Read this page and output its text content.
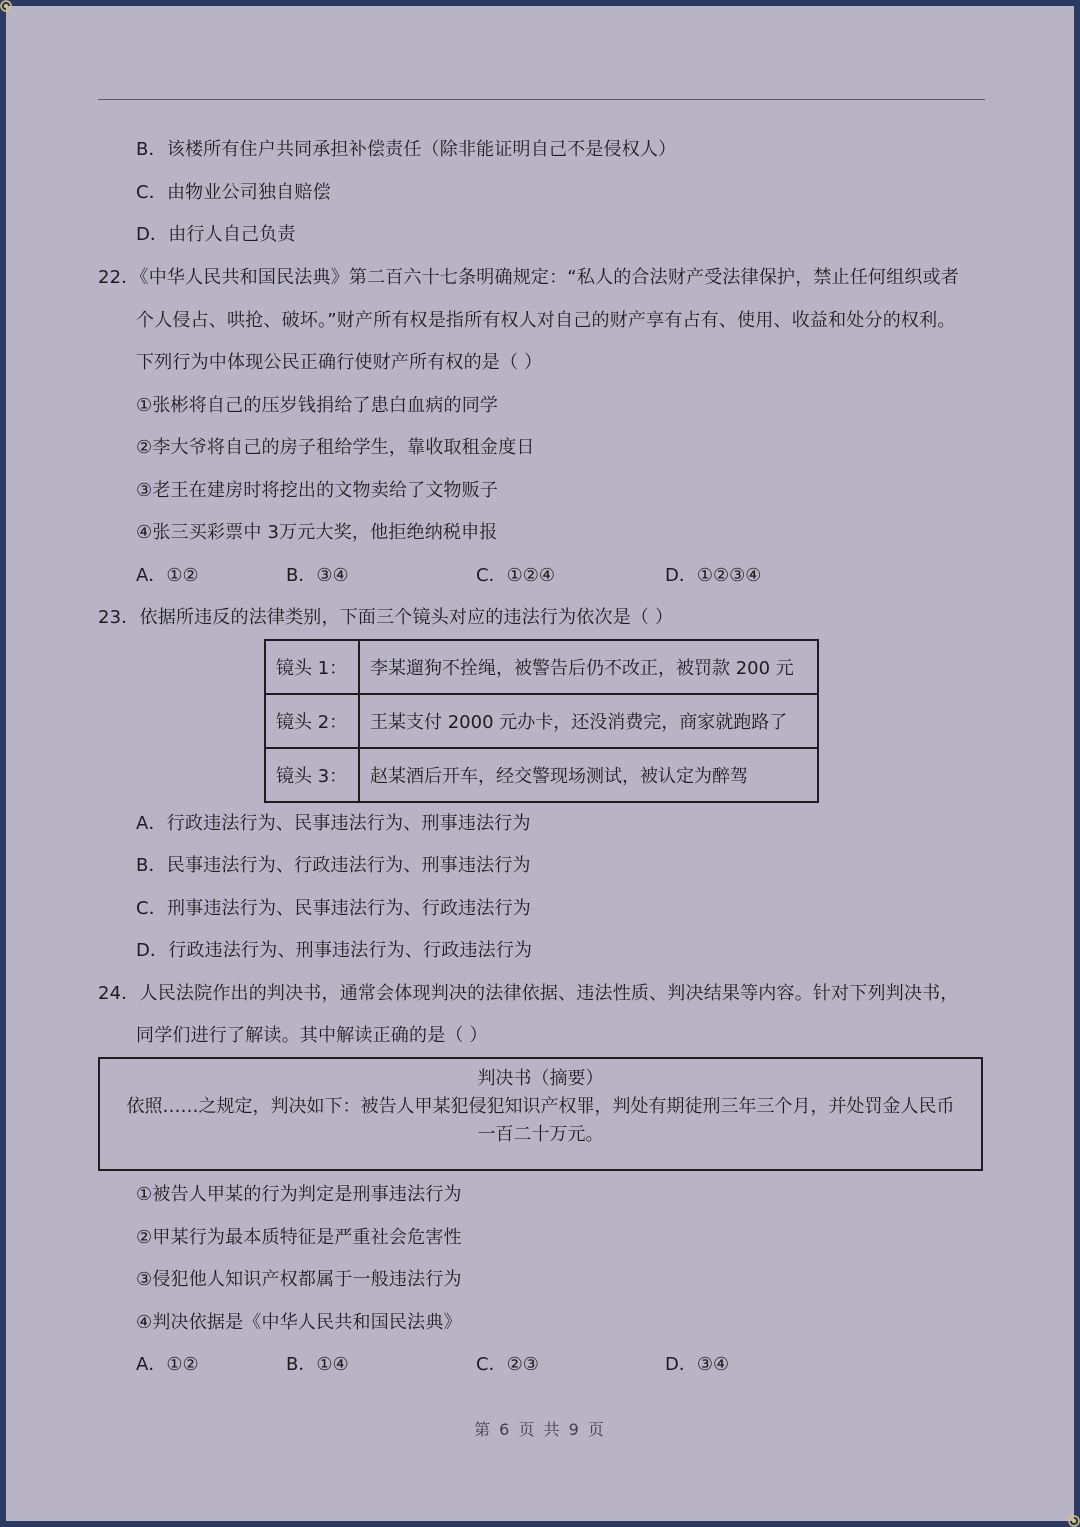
B．该楼所有住户共同承担补偿责任（除非能证明自己不是侵权人）
C．由物业公司独自赔偿
D．由行人自己负责
22．《中华人民共和国民法典》第二百六十七条明确规定：“私人的合法财产受法律保护，禁止任何组织或者
个人侵占、哄抢、破坏。”财产所有权是指所有权人对自己的财产享有占有、使用、收益和处分的权利。
下列行为中体现公民正确行使财产所有权的是（ ）
①张彬将自己的压岁钱捐给了患白血病的同学
②李大爷将自己的房子租给学生，靠收取租金度日
③老王在建房时将挖出的文物卖给了文物贩子
④张三买彩票中 3万元大奖，他拒绝纳税申报
A．①②	B．③④	C．①②④	D．①②③④
23．依据所违反的法律类别，下面三个镜头对应的违法行为依次是（ ）
镜头 1：	李某遛狗不拴绳，被警告后仍不改正，被罚款 200 元
镜头 2：	王某支付 2000 元办卡，还没消费完，商家就跑路了
镜头 3：	赵某酒后开车，经交警现场测试，被认定为醉驾
A．行政违法行为、民事违法行为、刑事违法行为
B．民事违法行为、行政违法行为、刑事违法行为
C．刑事违法行为、民事违法行为、行政违法行为
D．行政违法行为、刑事违法行为、行政违法行为
24．人民法院作出的判决书，通常会体现判决的法律依据、违法性质、判决结果等内容。针对下列判决书，
同学们进行了解读。其中解读正确的是（ ）
判决书（摘要）
依照……之规定，判决如下：被告人甲某犯侵犯知识产权罪，判处有期徒刑三年三个月，并处罚金人民币
一百二十万元。
①被告人甲某的行为判定是刑事违法行为
②甲某行为最本质特征是严重社会危害性
③侵犯他人知识产权都属于一般违法行为
④判决依据是《中华人民共和国民法典》
A．①②	B．①④	C．②③	D．③④
第 6 页 共 9 页
